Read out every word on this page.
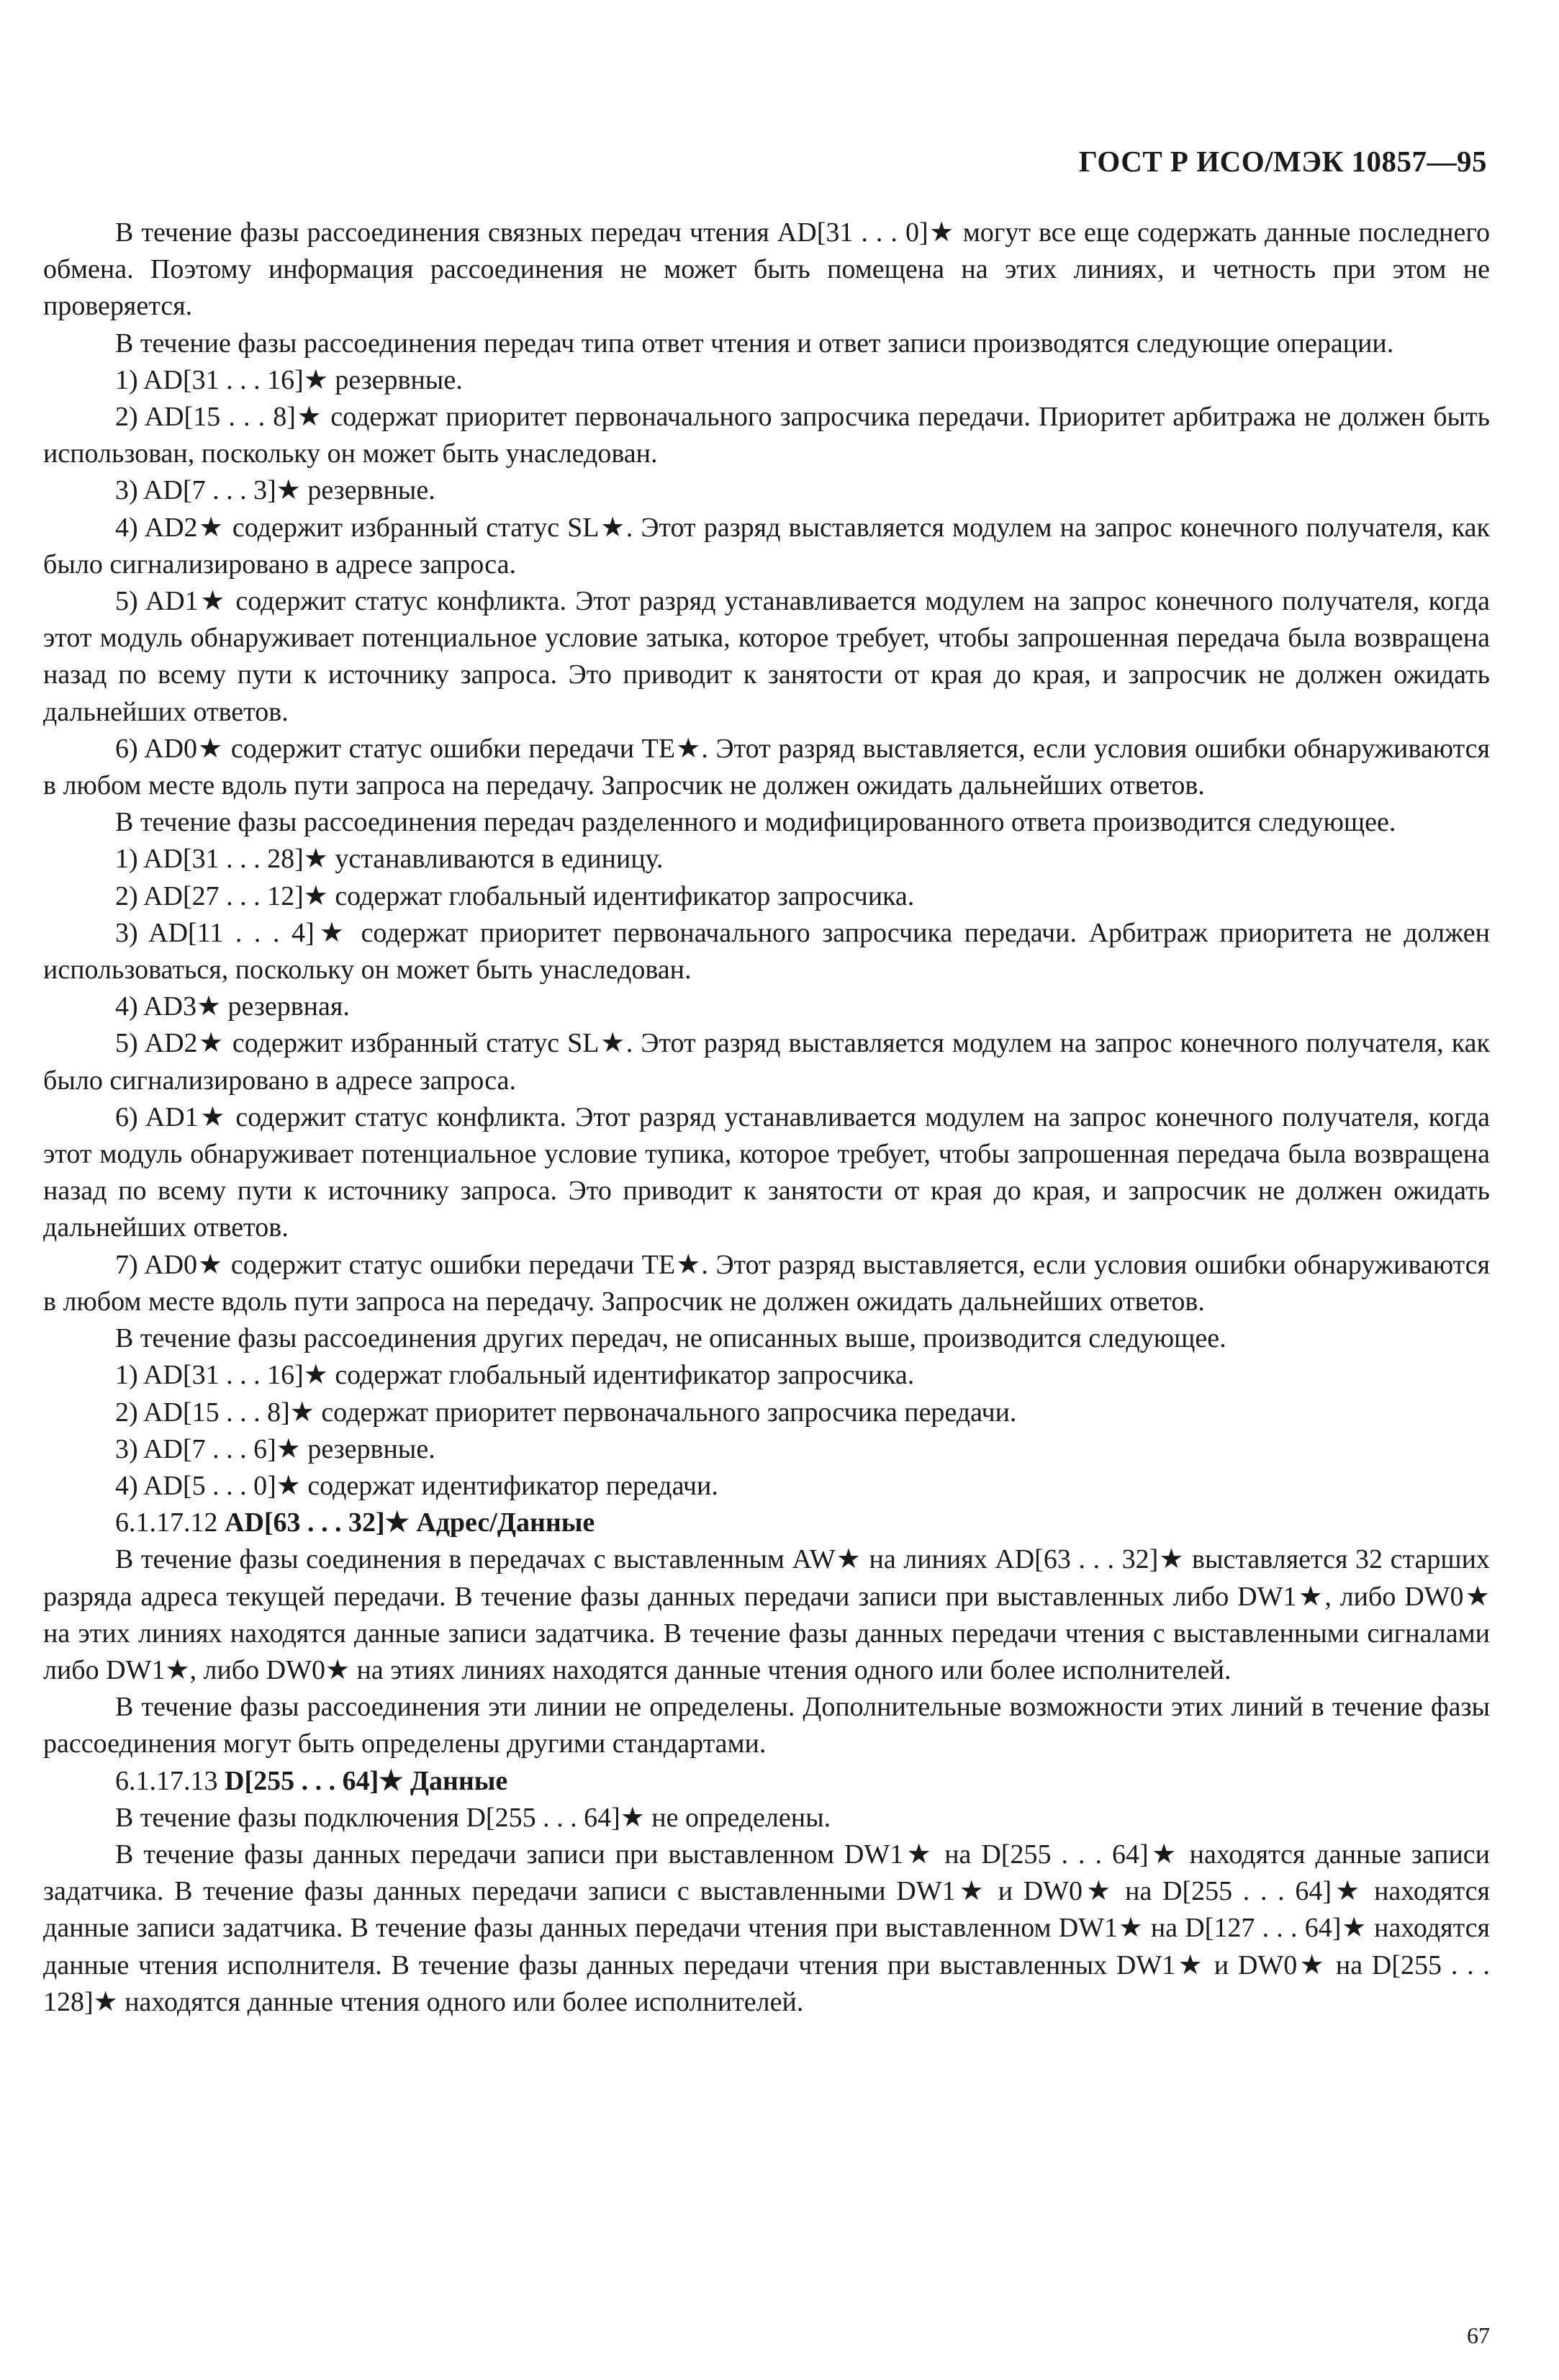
ГОСТ Р ИСО/МЭК 10857—95

В течение фазы рассоединения связных передач чтения AD[31 . . . 0]★ могут все еще содержать данные последнего обмена. Поэтому информация рассоединения не может быть помещена на этих линиях, и четность при этом не проверяется.

В течение фазы рассоединения передач типа ответ чтения и ответ записи производятся следующие операции.

1) AD[31 . . . 16]★ резервные.

2) AD[15 . . . 8]★ содержат приоритет первоначального запросчика передачи. Приоритет арбитража не должен быть использован, поскольку он может быть унаследован.

3) AD[7 . . . 3]★ резервные.

4) AD2★ содержит избранный статус SL★. Этот разряд выставляется модулем на запрос конечного получателя, как было сигнализировано в адресе запроса.

5) AD1★ содержит статус конфликта. Этот разряд устанавливается модулем на запрос конечного получателя, когда этот модуль обнаруживает потенциальное условие затыка, которое требует, чтобы запрошенная передача была возвращена назад по всему пути к источнику запроса. Это приводит к занятости от края до края, и запросчик не должен ожидать дальнейших ответов.

6) AD0★ содержит статус ошибки передачи TE★. Этот разряд выставляется, если условия ошибки обнаруживаются в любом месте вдоль пути запроса на передачу. Запросчик не должен ожидать дальнейших ответов.

В течение фазы рассоединения передач разделенного и модифицированного ответа производится следующее.

1) AD[31 . . . 28]★ устанавливаются в единицу.

2) AD[27 . . . 12]★ содержат глобальный идентификатор запросчика.

3) AD[11 . . . 4]★ содержат приоритет первоначального запросчика передачи. Арбитраж приоритета не должен использоваться, поскольку он может быть унаследован.

4) AD3★ резервная.

5) AD2★ содержит избранный статус SL★. Этот разряд выставляется модулем на запрос конечного получателя, как было сигнализировано в адресе запроса.

6) AD1★ содержит статус конфликта. Этот разряд устанавливается модулем на запрос конечного получателя, когда этот модуль обнаруживает потенциальное условие тупика, которое требует, чтобы запрошенная передача была возвращена назад по всему пути к источнику запроса. Это приводит к занятости от края до края, и запросчик не должен ожидать дальнейших ответов.

7) AD0★ содержит статус ошибки передачи TE★. Этот разряд выставляется, если условия ошибки обнаруживаются в любом месте вдоль пути запроса на передачу. Запросчик не должен ожидать дальнейших ответов.

В течение фазы рассоединения других передач, не описанных выше, производится следующее.

1) AD[31 . . . 16]★ содержат глобальный идентификатор запросчика.

2) AD[15 . . . 8]★ содержат приоритет первоначального запросчика передачи.

3) AD[7 . . . 6]★ резервные.

4) AD[5 . . . 0]★ содержат идентификатор передачи.

6.1.17.12 AD[63 . . . 32]★ Адрес/Данные

В течение фазы соединения в передачах с выставленным AW★ на линиях AD[63 . . . 32]★ выставляется 32 старших разряда адреса текущей передачи. В течение фазы данных передачи записи при выставленных либо DW1★, либо DW0★ на этих линиях находятся данные записи задатчика. В течение фазы данных передачи чтения с выставленными сигналами либо DW1★, либо DW0★ на этиях линиях находятся данные чтения одного или более исполнителей.

В течение фазы рассоединения эти линии не определены. Дополнительные возможности этих линий в течение фазы рассоединения могут быть определены другими стандартами.

6.1.17.13 D[255 . . . 64]★ Данные

В течение фазы подключения D[255 . . . 64]★ не определены.

В течение фазы данных передачи записи при выставленном DW1★ на D[255 . . . 64]★ находятся данные записи задатчика. В течение фазы данных передачи записи с выставленными DW1★ и DW0★ на D[255 . . . 64]★ находятся данные записи задатчика. В течение фазы данных передачи чтения при выставленном DW1★ на D[127 . . . 64]★ находятся данные чтения исполнителя. В течение фазы данных передачи чтения при выставленных DW1★ и DW0★ на D[255 . . . 128]★ находятся данные чтения одного или более исполнителей.

67
